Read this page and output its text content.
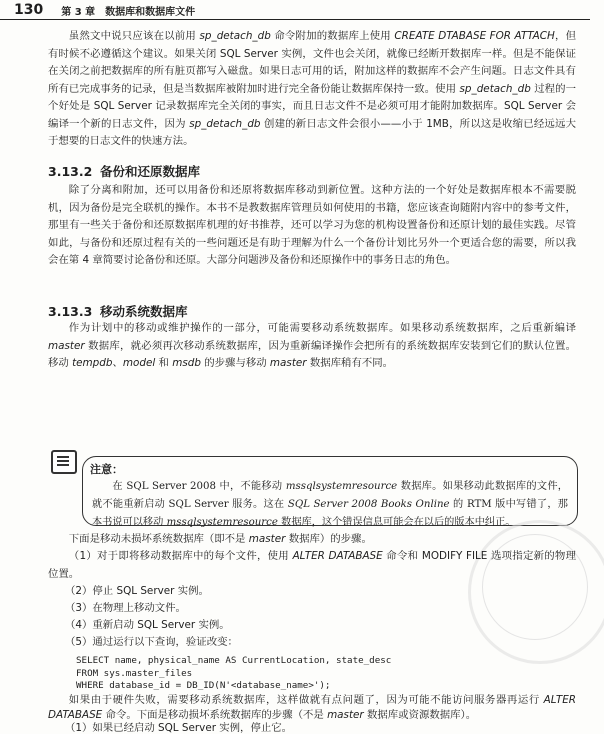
130 第 3 章　数据库和数据库文件
虽然文中说只应该在以前用 sp_detach_db 命令附加的数据库上使用 CREATE DTABASE FOR ATTACH，但有时候不必遵循这个建议。如果关闭 SQL Server 实例，文件也会关闭，就像已经断开数据库一样。但是不能保证在关闭之前把数据库的所有脏页都写入磁盘。如果日志可用的话，附加这样的数据库不会产生问题。日志文件具有所有已完成事务的记录，但是当数据库被附加时进行完全备份能让数据库保持一致。使用 sp_detach_db 过程的一个好处是 SQL Server 记录数据库完全关闭的事实，而且日志文件不是必须可用才能附加数据库。SQL Server 会编译一个新的日志文件，因为 sp_detach_db 创建的新日志文件会很小——小于 1MB，所以这是收缩已经远远大于想要的日志文件的快速方法。
3.13.2 备份和还原数据库
除了分离和附加，还可以用备份和还原将数据库移动到新位置。这种方法的一个好处是数据库根本不需要脱机，因为备份是完全联机的操作。本书不是教数据库管理员如何使用的书籍，您应该查询随附内容中的参考文件，那里有一些关于备份和还原数据库机理的好书推荐，还可以学习为您的机构设置备份和还原计划的最佳实践。尽管如此，与备份和还原过程有关的一些问题还是有助于理解为什么一个备份计划比另外一个更适合您的需要，所以我会在第 4 章简要讨论备份和还原。大部分问题涉及备份和还原操作中的事务日志的角色。
3.13.3 移动系统数据库
作为计划中的移动或维护操作的一部分，可能需要移动系统数据库。如果移动系统数据库，之后重新编译 master 数据库，就必须再次移动系统数据库，因为重新编译操作会把所有的系统数据库安装到它们的默认位置。移动 tempdb、model 和 msdb 的步骤与移动 master 数据库稍有不同。
注意：
在 SQL Server 2008 中，不能移动 mssqlsystemresource 数据库。如果移动此数据库的文件，就不能重新启动 SQL Server 服务。这在 SQL Server 2008 Books Online 的 RTM 版中写错了，那本书说可以移动 mssqlsystemresource 数据库，这个错误信息可能会在以后的版本中纠正。
下面是移动未损坏系统数据库（即不是 master 数据库）的步骤。
（1）对于即将移动数据库中的每个文件，使用 ALTER DATABASE 命令和 MODIFY FILE 选项指定新的物理位置。
（2）停止 SQL Server 实例。
（3）在物理上移动文件。
（4）重新启动 SQL Server 实例。
（5）通过运行以下查询，验证改变：
SELECT name, physical_name AS CurrentLocation, state_desc
FROM sys.master_files
WHERE database_id = DB_ID(N'<database_name>');
如果由于硬件失败，需要移动系统数据库，这样做就有点问题了，因为可能不能访问服务器再运行 ALTER DATABASE 命令。下面是移动损坏系统数据库的步骤（不是 master 数据库或资源数据库）。
（1）如果已经启动 SQL Server 实例，停止它。
